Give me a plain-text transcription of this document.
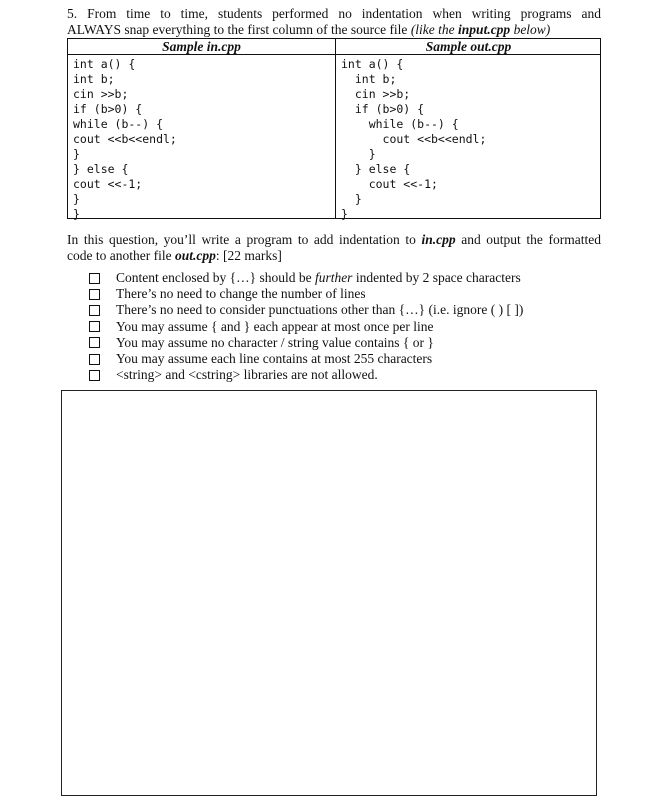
5. From time to time, students performed no indentation when writing programs and
ALWAYS snap everything to the first column of the source file (like the input.cpp below)
Sample in.cpp	Sample out.cpp
int a() {
int b;
cin >>b;
if (b>0) {
while (b--) {
cout <<b<<endl;
}
} else {
cout <<-1;
}
}
int a() {
int b;
cin >>b;
if (b>0) {
while (b--) {
cout <<b<<endl;
}
} else {
cout <<-1;
}
}
In this question, you’ll write a program to add indentation to in.cpp and output the formatted
code to another file out.cpp: [22 marks]
Content enclosed by {…} should be further indented by 2 space characters
There’s no need to change the number of lines
There’s no need to consider punctuations other than {…} (i.e. ignore ( ) [ ])
You may assume { and } each appear at most once per line
You may assume no character / string value contains { or }
You may assume each line contains at most 255 characters
<string> and <cstring> libraries are not allowed.
